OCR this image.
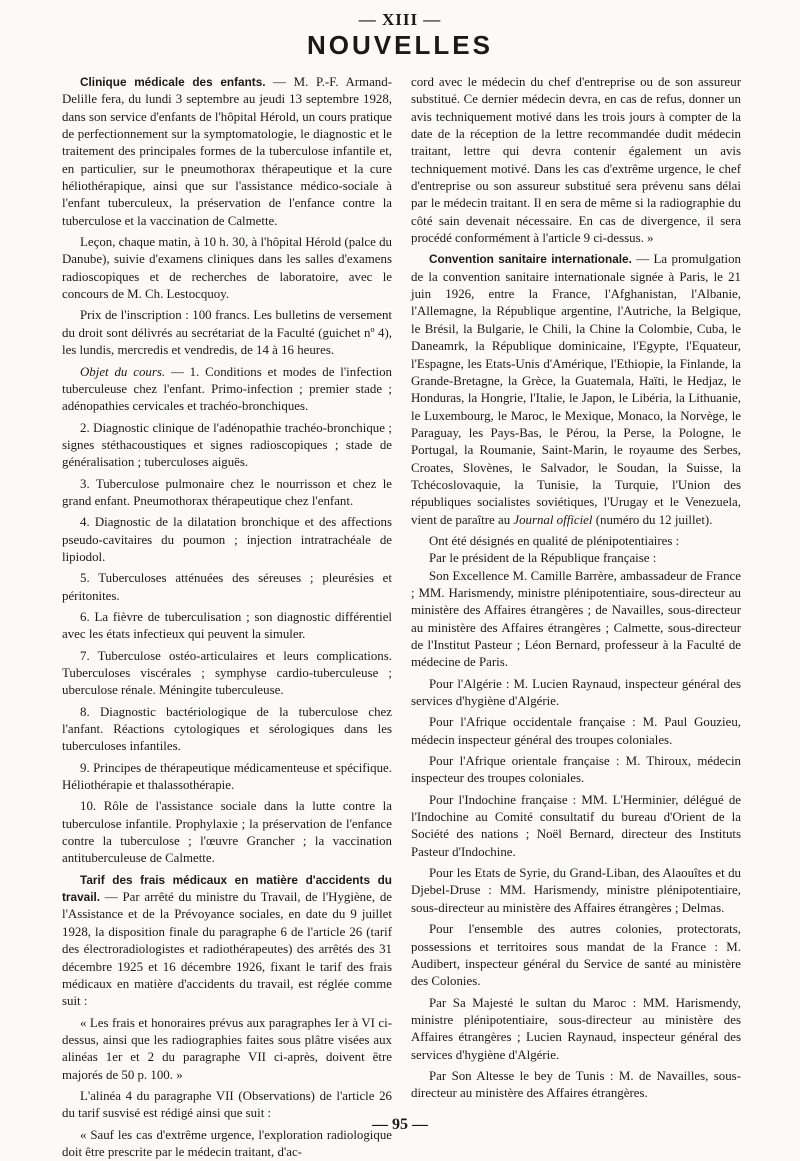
— XIII —
NOUVELLES

Clinique médicale des enfants. — M. P.-F. Armand-Delille fera, du lundi 3 septembre au jeudi 13 septembre 1928, dans son service d'enfants de l'hôpital Hérold, un cours pratique de perfectionnement sur la symptomatologie, le diagnostic et le traitement des principales formes de la tuberculose infantile et, en particulier, sur le pneumothorax thérapeutique et la cure héliothérapique, ainsi que sur l'assistance médico-sociale à l'enfant tuberculeux, la préservation de l'enfance contre la tuberculose et la vaccination de Calmette.

Leçon, chaque matin, à 10 h. 30, à l'hôpital Hérold (palce du Danube), suivie d'examens cliniques dans les salles d'examens radioscopiques et de recherches de laboratoire, avec le concours de M. Ch. Lestocquoy.

Prix de l'inscription : 100 francs. Les bulletins de versement du droit sont délivrés au secrétariat de la Faculté (guichet nº 4), les lundis, mercredis et vendredis, de 14 à 16 heures.

Objet du cours. — 1. Conditions et modes de l'infection tuberculeuse chez l'enfant. Primo-infection ; premier stade ; adénopathies cervicales et trachéo-bronchiques.

2. Diagnostic clinique de l'adénopathie trachéo-bronchique ; signes stéthacoustiques et signes radioscopiques ; stade de généralisation ; tuberculoses aiguës.

3. Tuberculose pulmonaire chez le nourrisson et chez le grand enfant. Pneumothorax thérapeutique chez l'enfant.

4. Diagnostic de la dilatation bronchique et des affections pseudo-cavitaires du poumon ; injection intratrachéale de lipiodol.

5. Tuberculoses atténuées des séreuses ; pleurésies et péritonites.

6. La fièvre de tuberculisation ; son diagnostic différentiel avec les états infectieux qui peuvent la simuler.

7. Tuberculose ostéo-articulaires et leurs complications. Tuberculoses viscérales ; symphyse cardio-tuberculeuse ; uberculose rénale. Méningite tuberculeuse.

8. Diagnostic bactériologique de la tuberculose chez l'anfant. Réactions cytologiques et sérologiques dans les tuberculoses infantiles.

9. Principes de thérapeutique médicamenteuse et spécifique. Héliothérapie et thalassothérapie.

10. Rôle de l'assistance sociale dans la lutte contre la tuberculose infantile. Prophylaxie ; la préservation de l'enfance contre la tuberculose ; l'œuvre Grancher ; la vaccination antituberculeuse de Calmette.

Tarif des frais médicaux en matière d'accidents du travail. — Par arrêté du ministre du Travail, de l'Hygiène, de l'Assistance et de la Prévoyance sociales, en date du 9 juillet 1928, la disposition finale du paragraphe 6 de l'article 26 (tarif des électroradiologistes et radiothérapeutes) des arrêtés des 31 décembre 1925 et 16 décembre 1926, fixant le tarif des frais médicaux en matière d'accidents du travail, est réglée comme suit :

« Les frais et honoraires prévus aux paragraphes Ier à VI ci-dessus, ainsi que les radiographies faites sous plâtre visées aux alinéas 1er et 2 du paragraphe VII ci-après, doivent être majorés de 50 p. 100. »

L'alinéa 4 du paragraphe VII (Observations) de l'article 26 du tarif susvisé est rédigé ainsi que suit :

« Sauf les cas d'extrême urgence, l'exploration radiologique doit être prescrite par le médecin traitant, d'ac-

cord avec le médecin du chef d'entreprise ou de son assureur substitué. Ce dernier médecin devra, en cas de refus, donner un avis techniquement motivé dans les trois jours à compter de la date de la réception de la lettre recommandée dudit médecin traitant, lettre qui devra contenir également un avis techniquement motivé. Dans les cas d'extrême urgence, le chef d'entreprise ou son assureur substitué sera prévenu sans délai par le médecin traitant. Il en sera de même si la radiographie du côté sain devenait nécessaire. En cas de divergence, il sera procédé conformément à l'article 9 ci-dessus. »

Convention sanitaire internationale. — La promulgation de la convention sanitaire internationale signée à Paris, le 21 juin 1926, entre la France, l'Afghanistan, l'Albanie, l'Allemagne, la République argentine, l'Autriche, la Belgique, le Brésil, la Bulgarie, le Chili, la Chine la Colombie, Cuba, le Daneamrk, la République dominicaine, l'Egypte, l'Equateur, l'Espagne, les Etats-Unis d'Amérique, l'Ethiopie, la Finlande, la Grande-Bretagne, la Grèce, la Guatemala, Haïti, le Hedjaz, le Honduras, la Hongrie, l'Italie, le Japon, le Libéria, la Lithuanie, le Luxembourg, le Maroc, le Mexique, Monaco, la Norvège, le Paraguay, les Pays-Bas, le Pérou, la Perse, la Pologne, le Portugal, la Roumanie, Saint-Marin, le royaume des Serbes, Croates, Slovènes, le Salvador, le Soudan, la Suisse, la Tchécoslovaquie, la Tunisie, la Turquie, l'Union des républiques socialistes soviétiques, l'Urugay et le Venezuela, vient de paraître au Journal officiel (numéro du 12 juillet).

Ont été désignés en qualité de plénipotentiaires :

Par le président de la République française :

Son Excellence M. Camille Barrère, ambassadeur de France ; MM. Harismendy, ministre plénipotentiaire, sous-directeur au ministère des Affaires étrangères ; de Navailles, sous-directeur au ministère des Affaires étrangères ; Calmette, sous-directeur de l'Institut Pasteur ; Léon Bernard, professeur à la Faculté de médecine de Paris.

Pour l'Algérie : M. Lucien Raynaud, inspecteur général des services d'hygiène d'Algérie.

Pour l'Afrique occidentale française : M. Paul Gouzieu, médecin inspecteur général des troupes coloniales.

Pour l'Afrique orientale française : M. Thiroux, médecin inspecteur des troupes coloniales.

Pour l'Indochine française : MM. L'Herminier, délégué de l'Indochine au Comité consultatif du bureau d'Orient de la Société des nations ; Noël Bernard, directeur des Instituts Pasteur d'Indochine.

Pour les Etats de Syrie, du Grand-Liban, des Alaouîtes et du Djebel-Druse : MM. Harismendy, ministre plénipotentiaire, sous-directeur au ministère des Affaires étrangères ; Delmas.

Pour l'ensemble des autres colonies, protectorats, possessions et territoires sous mandat de la France : M. Audibert, inspecteur général du Service de santé au ministère des Colonies.

Par Sa Majesté le sultan du Maroc : MM. Harismendy, ministre plénipotentiaire, sous-directeur au ministère des Affaires étrangères ; Lucien Raynaud, inspecteur général des services d'hygiène d'Algérie.

Par Son Altesse le bey de Tunis : M. de Navailles, sous-directeur au ministère des Affaires étrangères.

— 95 —
